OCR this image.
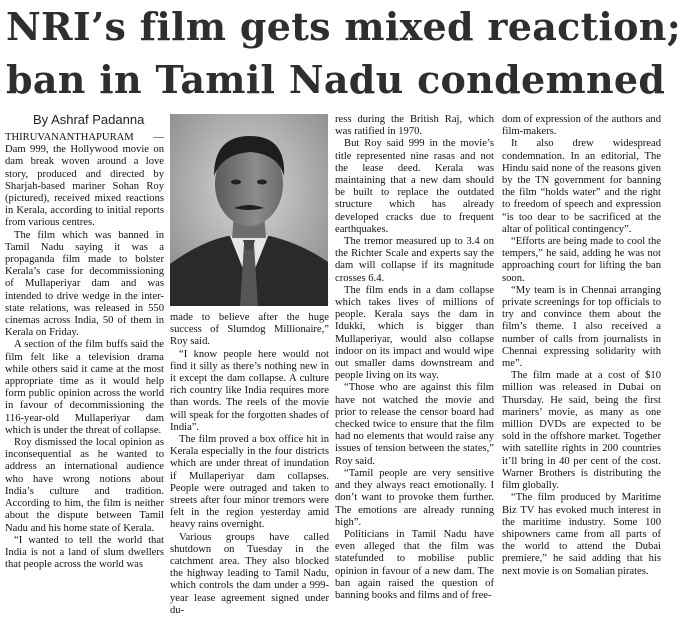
NRI’s film gets mixed reaction;
ban in Tamil Nadu condemned
By Ashraf Padanna

THIRUVANANTHAPURAM — Dam 999, the Hollywood movie on dam break woven around a love story, produced and directed by Sharjah-based mariner Sohan Roy (pictured), received mixed reactions in Kerala, according to initial reports from various centres.

The film which was banned in Tamil Nadu saying it was a propaganda film made to bolster Kerala’s case for decommissioning of Mullaperiyar dam and was intended to drive wedge in the inter-state relations, was released in 550 cinemas across India, 50 of them in Kerala on Friday.

A section of the film buffs said the film felt like a television drama while others said it came at the most appropriate time as it would help form public opinion across the world in favour of decommissioning the 116-year-old Mullaperiyar dam which is under the threat of collapse.

Roy dismissed the local opinion as inconsequential as he wanted to address an international audience who have wrong notions about India’s culture and tradition. According to him, the film is neither about the dispute between Tamil Nadu and his home state of Kerala.

“I wanted to tell the world that India is not a land of slum dwellers that people across the world was

made to believe after the huge success of Slumdog Millionaire,” Roy said.

“I know people here would not find it silly as there’s nothing new in it except the dam collapse. A culture rich country like India requires more than words. The reels of the movie will speak for the forgotten shades of India”.

The film proved a box office hit in Kerala especially in the four districts which are under threat of inundation if Mullaperiyar dam collapses. People were outraged and taken to streets after four minor tremors were felt in the region yesterday amid heavy rains overnight.

Various groups have called shutdown on Tuesday in the catchment area. They also blocked the highway leading to Tamil Nadu, which controls the dam under a 999-year lease agreement signed under du-

ress during the British Raj, which was ratified in 1970.

But Roy said 999 in the movie’s title represented nine rasas and not the lease deed. Kerala was maintaining that a new dam should be built to replace the outdated structure which has already developed cracks due to frequent earthquakes.

The tremor measured up to 3.4 on the Richter Scale and experts say the dam will collapse if its magnitude crosses 6.4.

The film ends in a dam collapse which takes lives of millions of people. Kerala says the dam in Idukki, which is bigger than Mullaperiyar, would also collapse indoor on its impact and would wipe out smaller dams downstream and people living on its way.

“Those who are against this film have not watched the movie and prior to release the censor board had checked twice to ensure that the film had no elements that would raise any issues of tension between the states,” Roy said.

“Tamil people are very sensitive and they always react emotionally. I don’t want to provoke them further. The emotions are already running high”.

Politicians in Tamil Nadu have even alleged that the film was statefunded to mobilise public opinion in favour of a new dam. The ban again raised the question of banning books and films and of free-

dom of expression of the authors and film-makers.

It also drew widespread condemnation. In an editorial, The Hindu said none of the reasons given by the TN government for banning the film “holds water” and the right to freedom of speech and expression “is too dear to be sacrificed at the altar of political contingency”.

“Efforts are being made to cool the tempers,” he said, adding he was not approaching court for lifting the ban soon.

“My team is in Chennai arranging private screenings for top officials to try and convince them about the film’s theme. I also received a number of calls from journalists in Chennai expressing solidarity with me”.

The film made at a cost of $10 million was released in Dubai on Thursday. He said, being the first mariners’ movie, as many as one million DVDs are expected to be sold in the offshore market. Together with satellite rights in 200 countries it’ll bring in 40 per cent of the cost. Warner Brothers is distributing the film globally.

“The film produced by Maritime Biz TV has evoked much interest in the maritime industry. Some 100 shipowners came from all parts of the world to attend the Dubai premiere,” he said adding that his next movie is on Somalian pirates.
